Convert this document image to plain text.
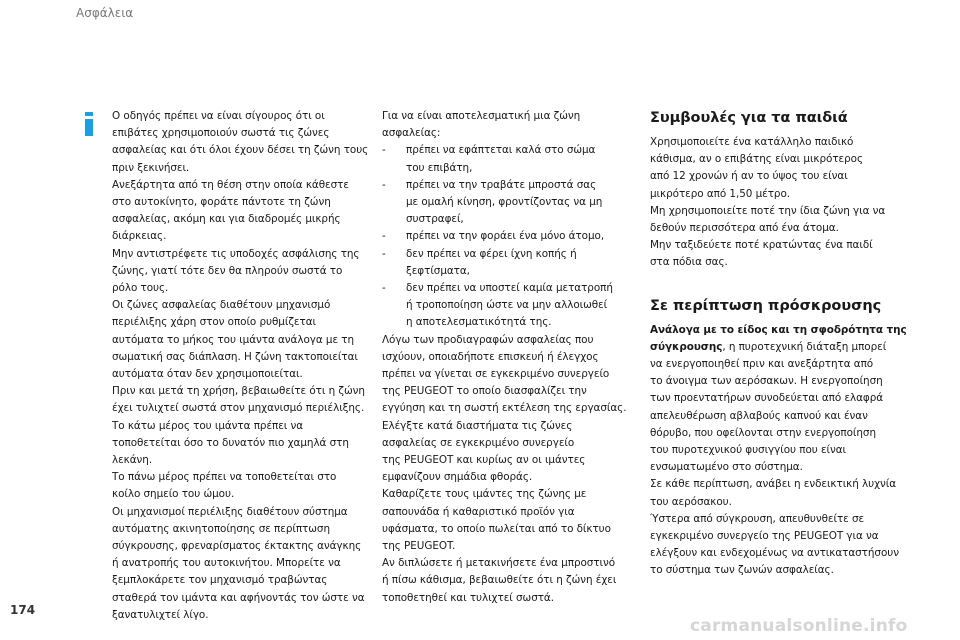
Ασφάλεια

Ο οδηγός πρέπει να είναι σίγουρος ότι οι

επιβάτες χρησιμοποιούν σωστά τις ζώνες

ασφαλείας και ότι όλοι έχουν δέσει τη ζώνη τους

πριν ξεκινήσει.

Ανεξάρτητα από τη θέση στην οποία κάθεστε

στο αυτοκίνητο, φοράτε πάντοτε τη ζώνη

ασφαλείας, ακόμη και για διαδρομές μικρής

διάρκειας.

Μην αντιστρέφετε τις υποδοχές ασφάλισης της

ζώνης, γιατί τότε δεν θα πληρούν σωστά το

ρόλο τους.

Οι ζώνες ασφαλείας διαθέτουν μηχανισμό

περιέλιξης χάρη στον οποίο ρυθμίζεται

αυτόματα το μήκος του ιμάντα ανάλογα με τη

σωματική σας διάπλαση. Η ζώνη τακτοποιείται

αυτόματα όταν δεν χρησιμοποιείται.

Πριν και μετά τη χρήση, βεβαιωθείτε ότι η ζώνη

έχει τυλιχτεί σωστά στον μηχανισμό περιέλιξης.

Το κάτω μέρος του ιμάντα πρέπει να

τοποθετείται όσο το δυνατόν πιο χαμηλά στη

λεκάνη.

Το πάνω μέρος πρέπει να τοποθετείται στο

κοίλο σημείο του ώμου.

Οι μηχανισμοί περιέλιξης διαθέτουν σύστημα

αυτόματης ακινητοποίησης σε περίπτωση

σύγκρουσης, φρεναρίσματος έκτακτης ανάγκης

ή ανατροπής του αυτοκινήτου. Μπορείτε να

ξεμπλοκάρετε τον μηχανισμό τραβώντας

σταθερά τον ιμάντα και αφήνοντάς τον ώστε να

ξανατυλιχτεί λίγο.

Για να είναι αποτελεσματική μια ζώνη ασφαλείας:

-	πρέπει να εφάπτεται καλά στο σώμα
του επιβάτη,
-	πρέπει να την τραβάτε μπροστά σας
με ομαλή κίνηση, φροντίζοντας να μη
συστραφεί,
-	πρέπει να την φοράει ένα μόνο άτομο,
-	δεν πρέπει να φέρει ίχνη κοπής ή
ξεφτίσματα,
-	δεν πρέπει να υποστεί καμία μετατροπή
ή τροποποίηση ώστε να μην αλλοιωθεί
η αποτελεσματικότητά της.

Λόγω των προδιαγραφών ασφαλείας που

ισχύουν, οποιαδήποτε επισκευή ή έλεγχος

πρέπει να γίνεται σε εγκεκριμένο συνεργείο

της PEUGEOT το οποίο διασφαλίζει την

εγγύηση και τη σωστή εκτέλεση της εργασίας.

Ελέγξτε κατά διαστήματα τις ζώνες

ασφαλείας σε εγκεκριμένο συνεργείο

της PEUGEOT και κυρίως αν οι ιμάντες

εμφανίζουν σημάδια φθοράς.

Καθαρίζετε τους ιμάντες της ζώνης με

σαπουνάδα ή καθαριστικό προϊόν για

υφάσματα, το οποίο πωλείται από το δίκτυο

της PEUGEOT.

Αν διπλώσετε ή μετακινήσετε ένα μπροστινό

ή πίσω κάθισμα, βεβαιωθείτε ότι η ζώνη έχει

τοποθετηθεί και τυλιχτεί σωστά.

Συμβουλές για τα παιδιά

Χρησιμοποιείτε ένα κατάλληλο παιδικό

κάθισμα, αν ο επιβάτης είναι μικρότερος

από 12 χρονών ή αν το ύψος του είναι

μικρότερο από 1,50 μέτρο.

Μη χρησιμοποιείτε ποτέ την ίδια ζώνη για να

δεθούν περισσότερα από ένα άτομα.

Μην ταξιδεύετε ποτέ κρατώντας ένα παιδί

στα πόδια σας.

Σε περίπτωση πρόσκρουσης

Ανάλογα με το είδος και τη σφοδρότητα της

σύγκρουσης, η πυροτεχνική διάταξη μπορεί

να ενεργοποιηθεί πριν και ανεξάρτητα από

το άνοιγμα των αερόσακων. Η ενεργοποίηση

των προεντατήρων συνοδεύεται από ελαφρά

απελευθέρωση αβλαβούς καπνού και έναν

θόρυβο, που οφείλονται στην ενεργοποίηση

του πυροτεχνικού φυσιγγίου που είναι

ενσωματωμένο στο σύστημα.

Σε κάθε περίπτωση, ανάβει η ενδεικτική λυχνία

του αερόσακου.

Ύστερα από σύγκρουση, απευθυνθείτε σε

εγκεκριμένο συνεργείο της PEUGEOT για να

ελέγξουν και ενδεχομένως να αντικαταστήσουν

το σύστημα των ζωνών ασφαλείας.

174
carmanualsonline.info
